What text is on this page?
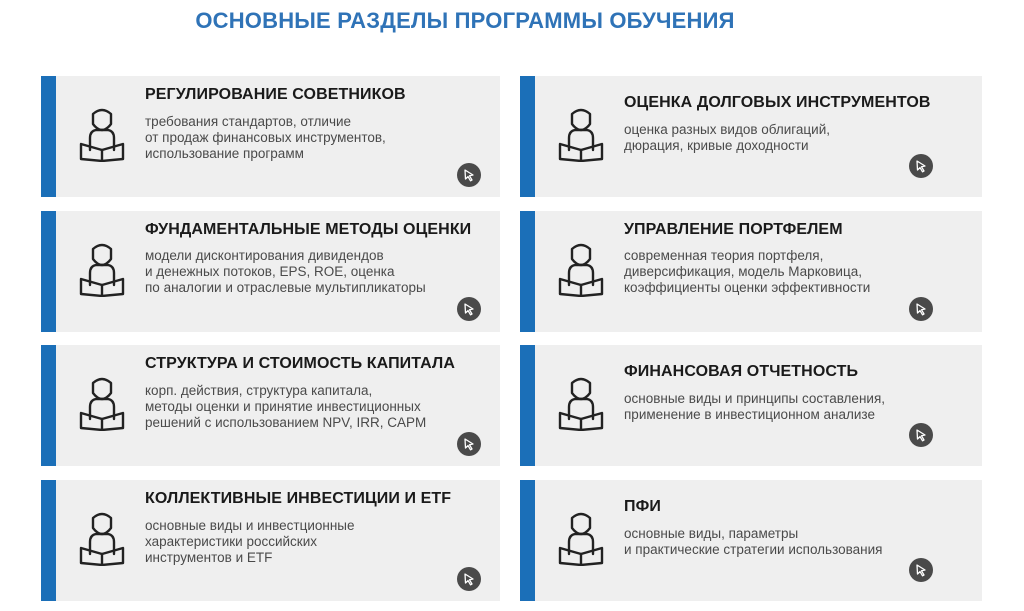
ОСНОВНЫЕ РАЗДЕЛЫ ПРОГРАММЫ ОБУЧЕНИЯ
РЕГУЛИРОВАНИЕ СОВЕТНИКОВ
требования стандартов, отличие
от продаж финансовых инструментов,
использование программ
ОЦЕНКА ДОЛГОВЫХ ИНСТРУМЕНТОВ
оценка разных видов облигаций,
дюрация, кривые доходности
ФУНДАМЕНТАЛЬНЫЕ МЕТОДЫ ОЦЕНКИ
модели дисконтирования дивидендов
и денежных потоков, EPS, ROE, оценка
по аналогии и отраслевые мультипликаторы
УПРАВЛЕНИЕ ПОРТФЕЛЕМ
современная теория портфеля,
диверсификация, модель Марковица,
коэффициенты оценки эффективности
СТРУКТУРА И СТОИМОСТЬ КАПИТАЛА
корп. действия, структура капитала,
методы оценки и принятие инвестиционных
решений с использованием NPV, IRR, CAPM
ФИНАНСОВАЯ ОТЧЕТНОСТЬ
основные виды и принципы составления,
применение в инвестиционном анализе
КОЛЛЕКТИВНЫЕ ИНВЕСТИЦИИ И ETF
основные виды и инвестционные
характеристики российских
инструментов и ETF
ПФИ
основные виды, параметры
и практические стратегии использования
